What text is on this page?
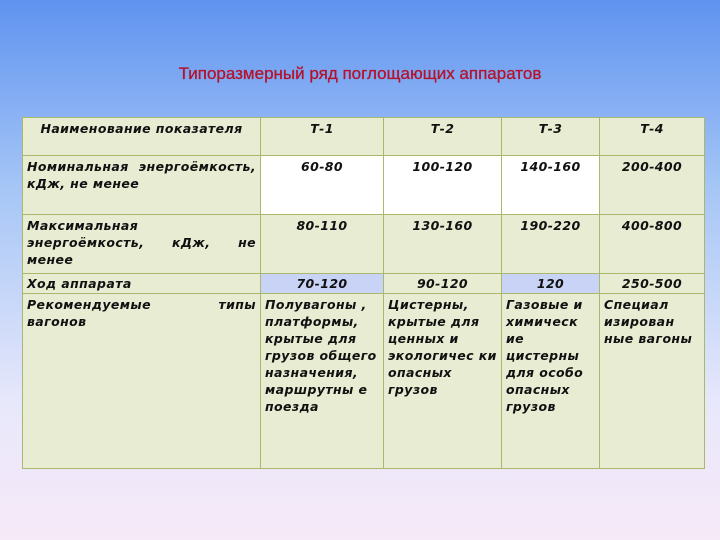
Типоразмерный ряд поглощающих аппаратов
Наименование показателя	Т-1	Т-2	Т-3	Т-4
Номинальная энергоёмкость, кДж, не менее	60-80	100-120	140-160	200-400
Максимальная энергоёмкость, кДж, не менее	80-110	130-160	190-220	400-800
Ход аппарата	70-120	90-120	120	250-500
Рекомендуемые типы вагонов	Полувагоны , платформы, крытые для грузов общего назначения, маршрутны е поезда	Цистерны, крытые для ценных и экологичес ки опасных грузов	Газовые и химическ ие цистерны для особо опасных грузов	Специал изирован ные вагоны
